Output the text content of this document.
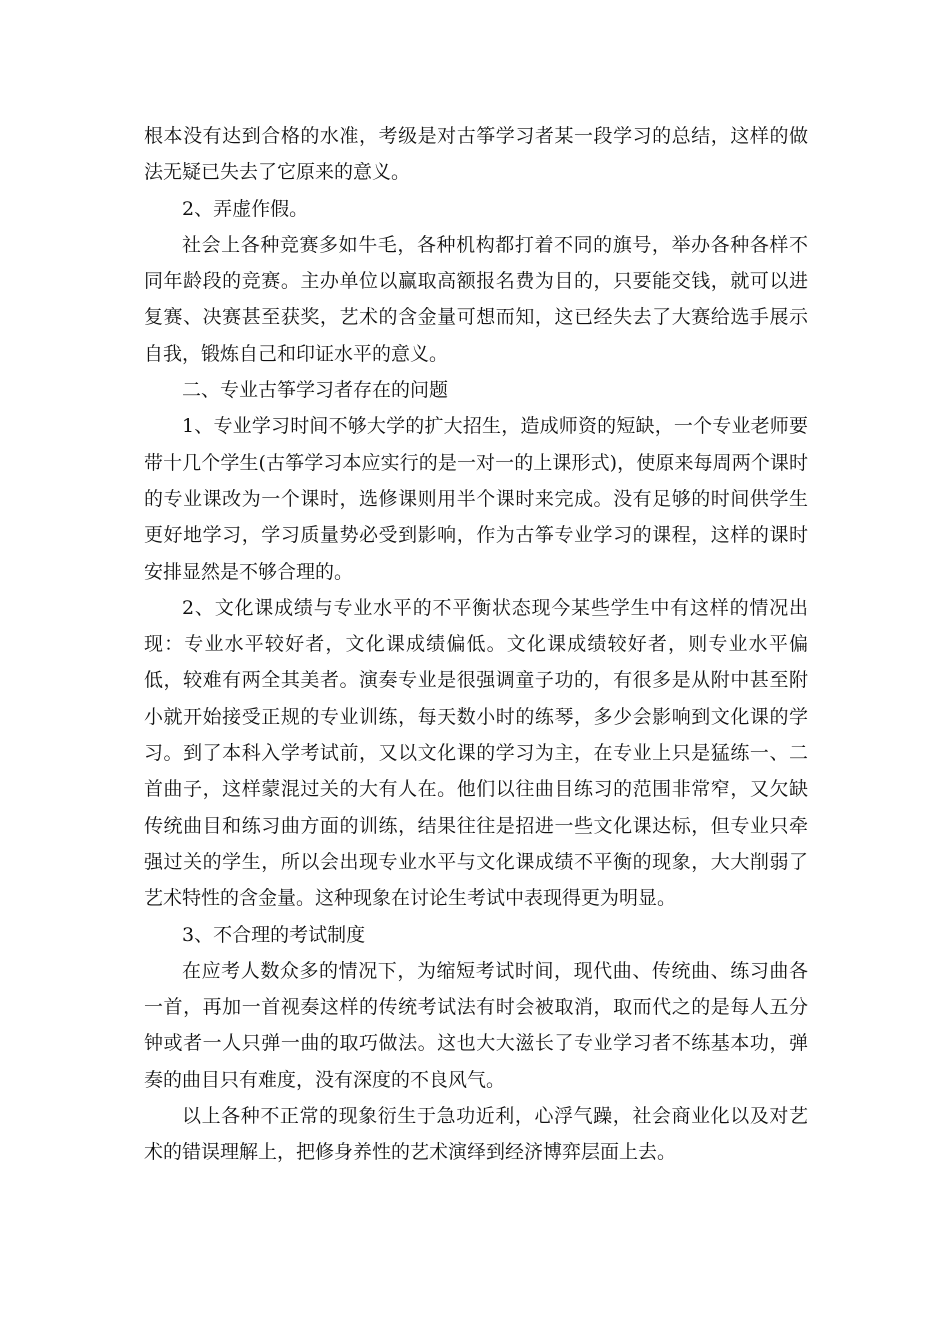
根本没有达到合格的水准，考级是对古筝学习者某一段学习的总结，这样的做法无疑已失去了它原来的意义。

2、弄虚作假。

社会上各种竞赛多如牛毛，各种机构都打着不同的旗号，举办各种各样不同年龄段的竞赛。主办单位以赢取高额报名费为目的，只要能交钱，就可以进复赛、决赛甚至获奖，艺术的含金量可想而知，这已经失去了大赛给选手展示自我，锻炼自己和印证水平的意义。

二、专业古筝学习者存在的问题

1、专业学习时间不够大学的扩大招生，造成师资的短缺，一个专业老师要带十几个学生(古筝学习本应实行的是一对一的上课形式)，使原来每周两个课时的专业课改为一个课时，选修课则用半个课时来完成。没有足够的时间供学生更好地学习，学习质量势必受到影响，作为古筝专业学习的课程，这样的课时安排显然是不够合理的。

2、文化课成绩与专业水平的不平衡状态现今某些学生中有这样的情况出现：专业水平较好者，文化课成绩偏低。文化课成绩较好者，则专业水平偏低，较难有两全其美者。演奏专业是很强调童子功的，有很多是从附中甚至附小就开始接受正规的专业训练，每天数小时的练琴，多少会影响到文化课的学习。到了本科入学考试前，又以文化课的学习为主，在专业上只是猛练一、二首曲子，这样蒙混过关的大有人在。他们以往曲目练习的范围非常窄，又欠缺传统曲目和练习曲方面的训练，结果往往是招进一些文化课达标，但专业只牵强过关的学生，所以会出现专业水平与文化课成绩不平衡的现象，大大削弱了艺术特性的含金量。这种现象在讨论生考试中表现得更为明显。

3、不合理的考试制度

在应考人数众多的情况下，为缩短考试时间，现代曲、传统曲、练习曲各一首，再加一首视奏这样的传统考试法有时会被取消，取而代之的是每人五分钟或者一人只弹一曲的取巧做法。这也大大滋长了专业学习者不练基本功，弹奏的曲目只有难度，没有深度的不良风气。

以上各种不正常的现象衍生于急功近利，心浮气躁，社会商业化以及对艺术的错误理解上，把修身养性的艺术演绎到经济博弈层面上去。
